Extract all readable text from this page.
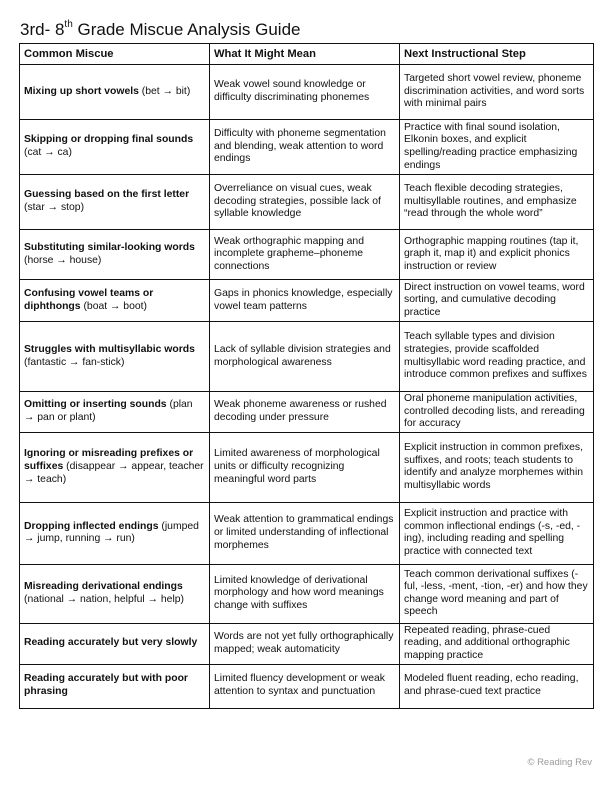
3rd- 8th Grade Miscue Analysis Guide
Common Miscue	What It Might Mean	Next Instructional Step
Mixing up short vowels (bet → bit)	Weak vowel sound knowledge or difficulty discriminating phonemes	Targeted short vowel review, phoneme discrimination activities, and word sorts with minimal pairs
Skipping or dropping final sounds (cat → ca)	Difficulty with phoneme segmentation and blending, weak attention to word endings	Practice with final sound isolation, Elkonin boxes, and explicit spelling/reading practice emphasizing endings
Guessing based on the first letter (star → stop)	Overreliance on visual cues, weak decoding strategies, possible lack of syllable knowledge	Teach flexible decoding strategies, multisyllable routines, and emphasize “read through the whole word”
Substituting similar-looking words (horse → house)	Weak orthographic mapping and incomplete grapheme–phoneme connections	Orthographic mapping routines (tap it, graph it, map it) and explicit phonics instruction or review
Confusing vowel teams or diphthongs (boat → boot)	Gaps in phonics knowledge, especially vowel team patterns	Direct instruction on vowel teams, word sorting, and cumulative decoding practice
Struggles with multisyllabic words (fantastic → fan-stick)	Lack of syllable division strategies and morphological awareness	Teach syllable types and division strategies, provide scaffolded multisyllabic word reading practice, and introduce common prefixes and suffixes
Omitting or inserting sounds (plan → pan or plant)	Weak phoneme awareness or rushed decoding under pressure	Oral phoneme manipulation activities, controlled decoding lists, and rereading for accuracy
Ignoring or misreading prefixes or suffixes (disappear → appear, teacher → teach)	Limited awareness of morphological units or difficulty recognizing meaningful word parts	Explicit instruction in common prefixes, suffixes, and roots; teach students to identify and analyze morphemes within multisyllabic words
Dropping inflected endings (jumped → jump, running → run)	Weak attention to grammatical endings or limited understanding of inflectional morphemes	Explicit instruction and practice with common inflectional endings (-s, -ed, -ing), including reading and spelling practice with connected text
Misreading derivational endings (national → nation, helpful → help)	Limited knowledge of derivational morphology and how word meanings change with suffixes	Teach common derivational suffixes (-ful, -less, -ment, -tion, -er) and how they change word meaning and part of speech
Reading accurately but very slowly	Words are not yet fully orthographically mapped; weak automaticity	Repeated reading, phrase-cued reading, and additional orthographic mapping practice
Reading accurately but with poor phrasing	Limited fluency development or weak attention to syntax and punctuation	Modeled fluent reading, echo reading, and phrase-cued text practice
© Reading Rev
